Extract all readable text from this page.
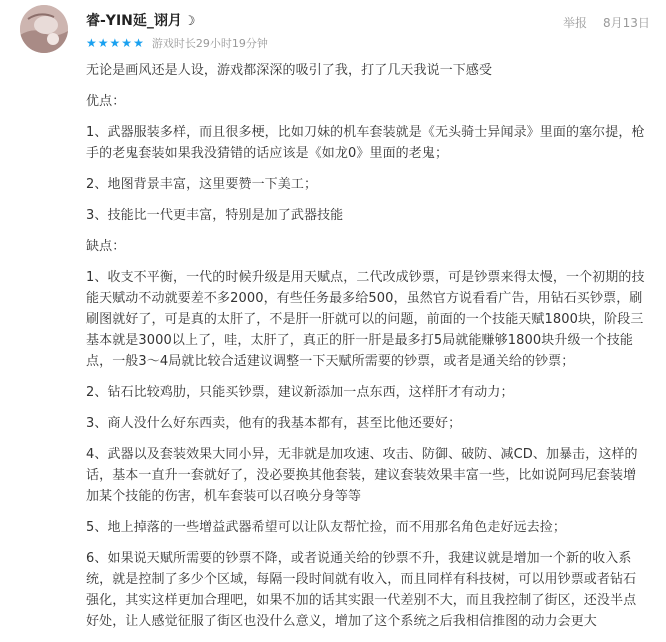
睿-YIN延_诩月 ☽
★ ★ ★ ★ ★ 游戏时长29小时19分钟
举报 8月13日

无论是画风还是人设，游戏都深深的吸引了我，打了几天我说一下感受

优点：

1、武器服装多样，而且很多梗，比如刀妹的机车套装就是《无头骑士异闻录》里面的塞尔提，枪手的老鬼套装如果我没猜错的话应该是《如龙0》里面的老鬼；

2、地图背景丰富，这里要赞一下美工；

3、技能比一代更丰富，特别是加了武器技能

缺点：

1、收支不平衡，一代的时候升级是用天赋点，二代改成钞票，可是钞票来得太慢，一个初期的技能天赋动不动就要差不多2000，有些任务最多给500，虽然官方说看看广告，用钻石买钞票，刷刷图就好了，可是真的太肝了，不是肝一肝就可以的问题，前面的一个技能天赋1800块，阶段三基本就是3000以上了，哇，太肝了，真正的肝一肝是最多打5局就能赚够1800块升级一个技能点，一般3～4局就比较合适建议调整一下天赋所需要的钞票，或者是通关给的钞票；

2、钻石比较鸡肋，只能买钞票，建议新添加一点东西，这样肝才有动力；

3、商人没什么好东西卖，他有的我基本都有，甚至比他还要好；

4、武器以及套装效果大同小异，无非就是加攻速、攻击、防御、破防、减CD、加暴击，这样的话，基本一直升一套就好了，没必要换其他套装，建议套装效果丰富一些，比如说阿玛尼套装增加某个技能的伤害，机车套装可以召唤分身等等

5、地上掉落的一些增益武器希望可以让队友帮忙捡，而不用那名角色走好远去捡；

6、如果说天赋所需要的钞票不降，或者说通关给的钞票不升，我建议就是增加一个新的收入系统，就是控制了多少个区域，每隔一段时间就有收入，而且同样有科技树，可以用钞票或者钻石强化，其实这样更加合理吧，如果不加的话其实跟一代差别不大，而且我控制了街区，还没半点好处，让人感觉征服了街区也没什么意义，增加了这个系统之后我相信推图的动力会更大
